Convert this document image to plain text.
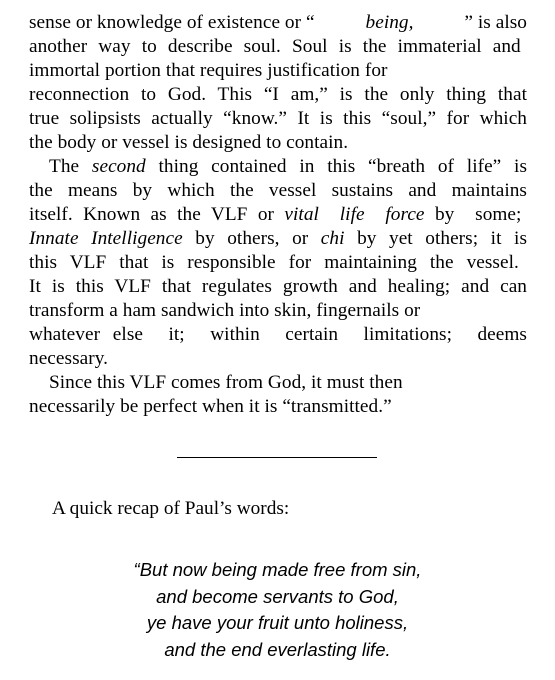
sense or knowledge of existence or “	being,	” is also
another way to describe soul. Soul is the immaterial and
immortal portion that requires justification for
reconnection to God. This “I am,” is the only thing that
true solipsists actually “know.” It is this “soul,” for which
the body or vessel is designed to contain.
The second thing contained in this “breath of life” is
the means by which the vessel sustains and maintains
itself. Known as the VLF or vital  life  force by  some;
Innate Intelligence by others, or chi by yet others; it is
this VLF that is responsible for maintaining the vessel.
It is this VLF that regulates growth and healing; and can
transform a ham sandwich into skin, fingernails or
whatever else  it;  within  certain  limitations;  deems
necessary.
Since this VLF comes from God, it must then
necessarily be perfect when it is “transmitted.”
A quick recap of Paul’s words:
“But now being made free from sin,
and become servants to God,
ye have your fruit unto holiness,
and the end everlasting life.
